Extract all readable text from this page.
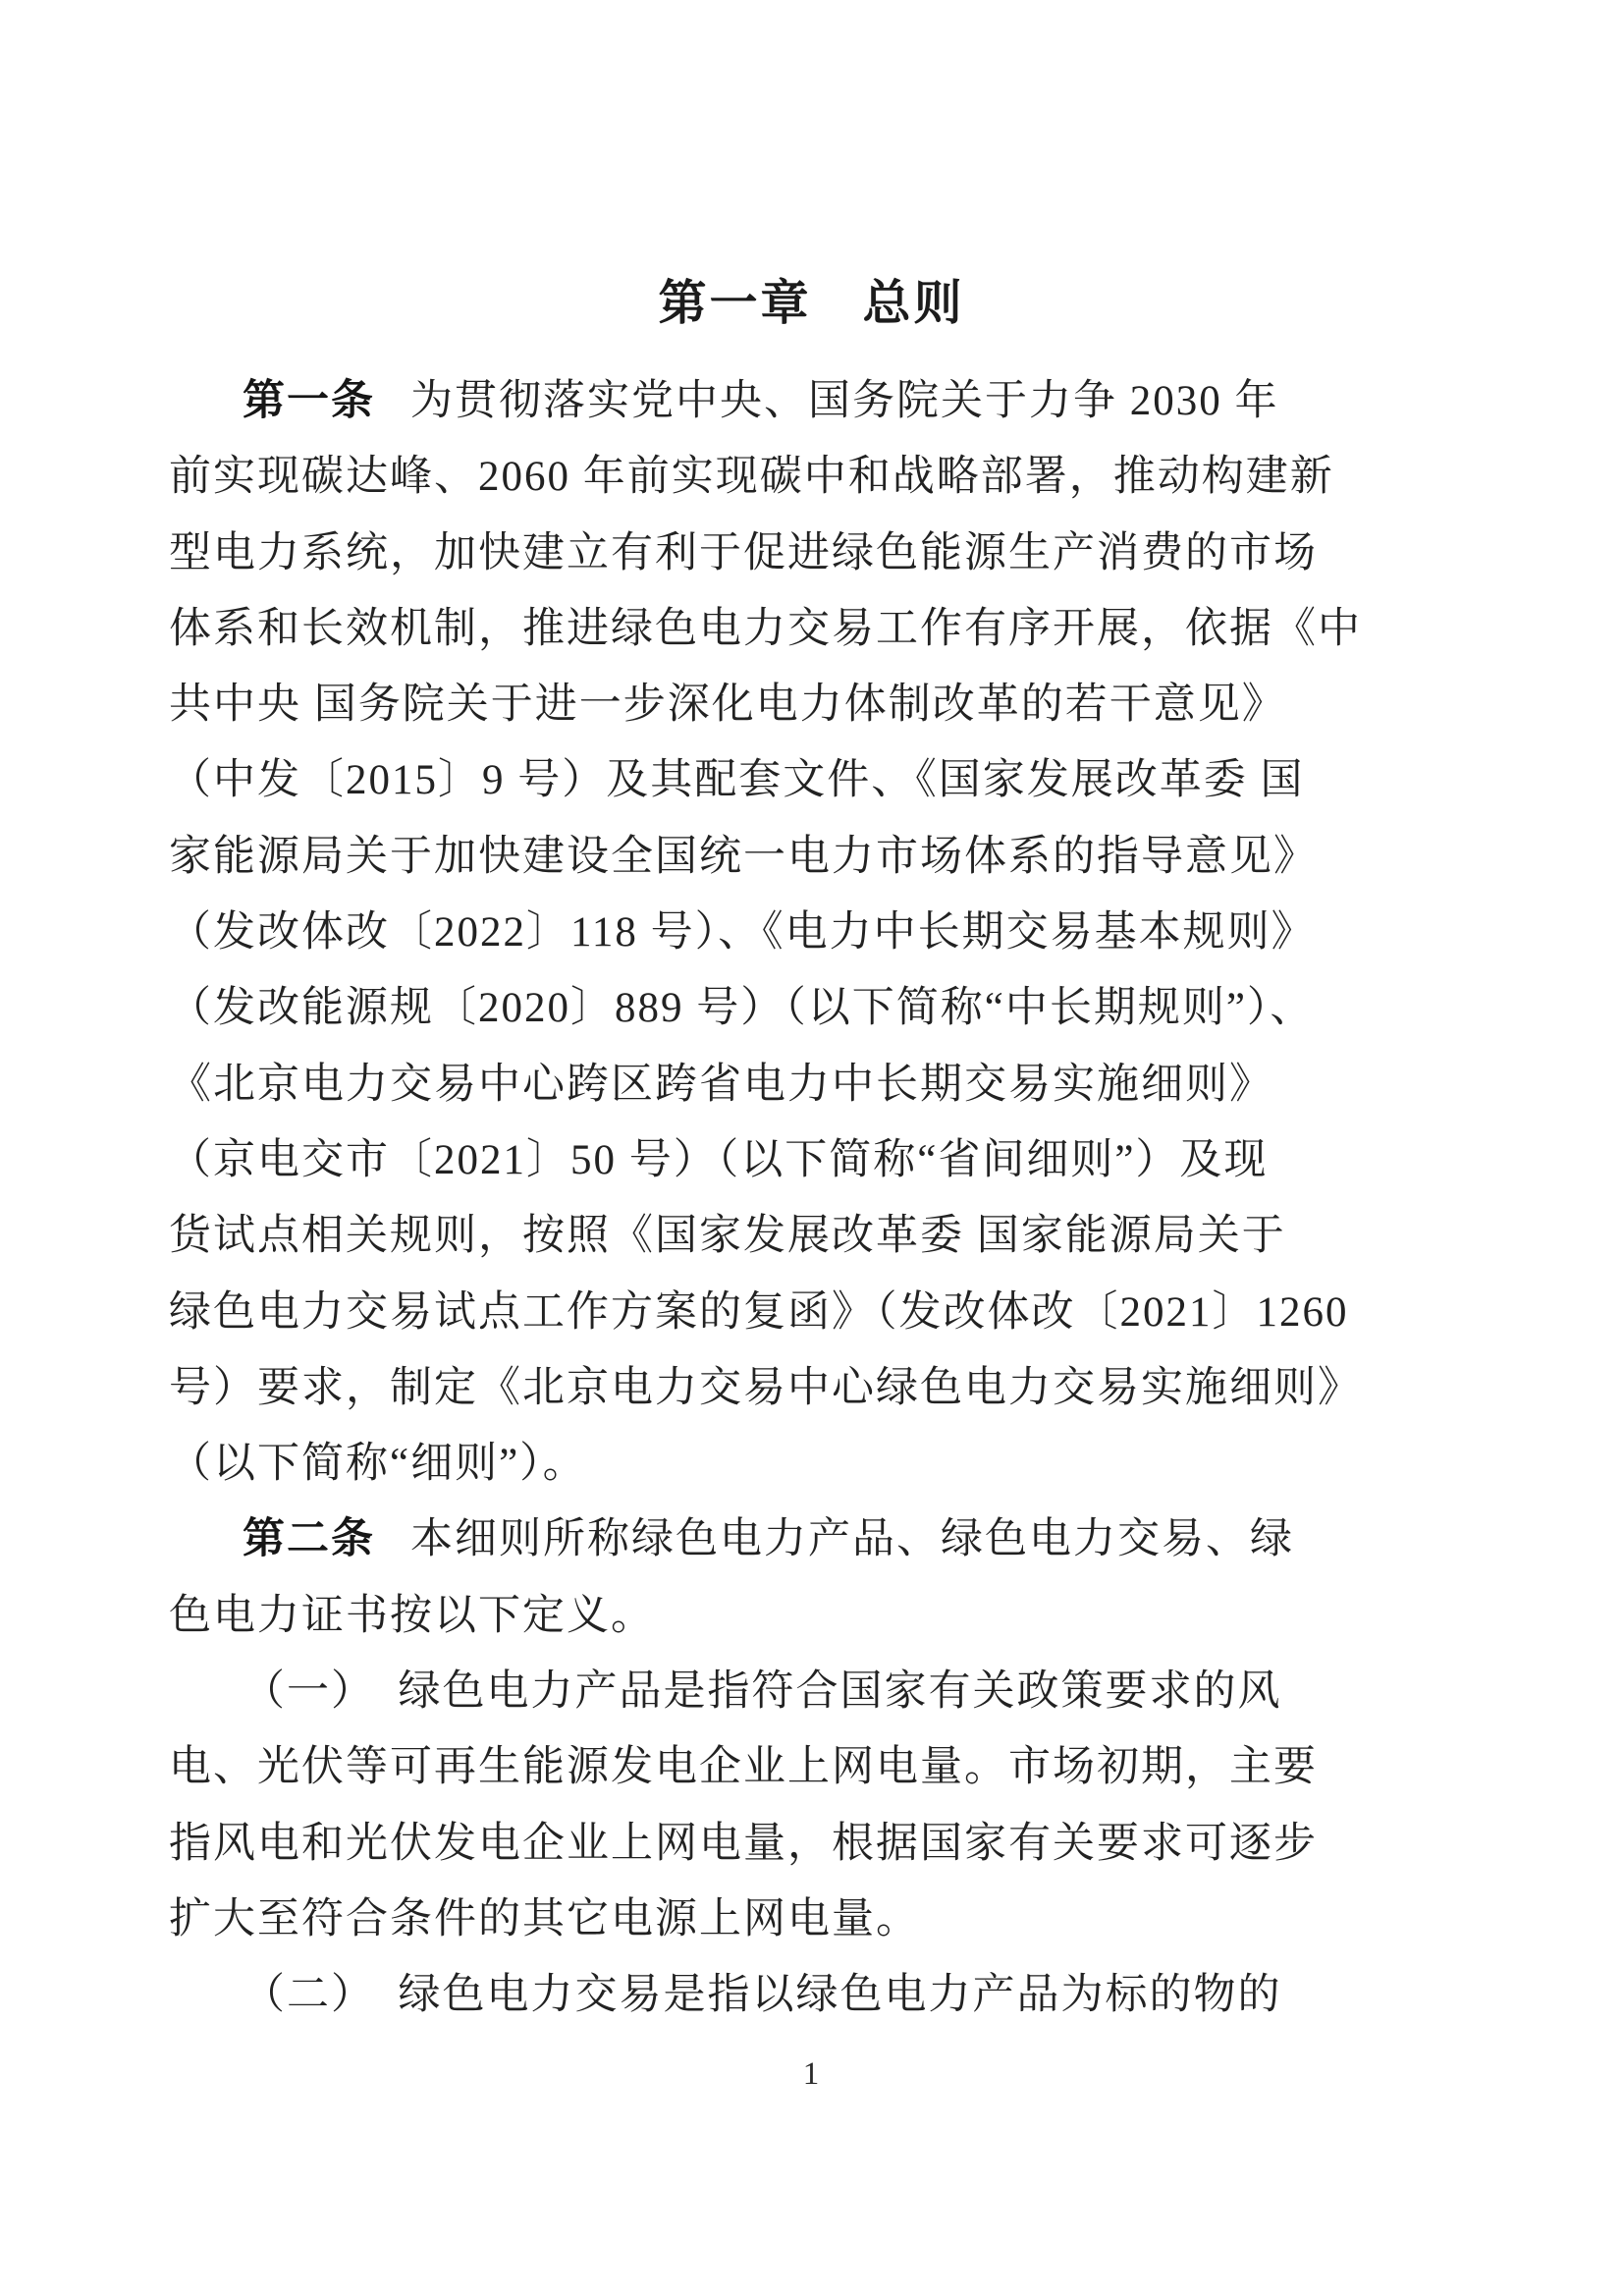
第一章　总则
第一条 为贯彻落实党中央、国务院关于力争 2030 年
前实现碳达峰、2060 年前实现碳中和战略部署，推动构建新
型电力系统，加快建立有利于促进绿色能源生产消费的市场
体系和长效机制，推进绿色电力交易工作有序开展，依据《中
共中央 国务院关于进一步深化电力体制改革的若干意见》
（中发〔2015〕9 号）及其配套文件、《国家发展改革委 国
家能源局关于加快建设全国统一电力市场体系的指导意见》
（发改体改〔2022〕118 号）、《电力中长期交易基本规则》
（发改能源规〔2020〕889 号）（以下简称“中长期规则”）、
《北京电力交易中心跨区跨省电力中长期交易实施细则》
（京电交市〔2021〕50 号）（以下简称“省间细则”）及现
货试点相关规则，按照《国家发展改革委 国家能源局关于
绿色电力交易试点工作方案的复函》（发改体改〔2021〕1260
号）要求，制定《北京电力交易中心绿色电力交易实施细则》
（以下简称“细则”）。
第二条 本细则所称绿色电力产品、绿色电力交易、绿
色电力证书按以下定义。
（一）　绿色电力产品是指符合国家有关政策要求的风
电、光伏等可再生能源发电企业上网电量。市场初期，主要
指风电和光伏发电企业上网电量，根据国家有关要求可逐步
扩大至符合条件的其它电源上网电量。
（二）　绿色电力交易是指以绿色电力产品为标的物的
1
